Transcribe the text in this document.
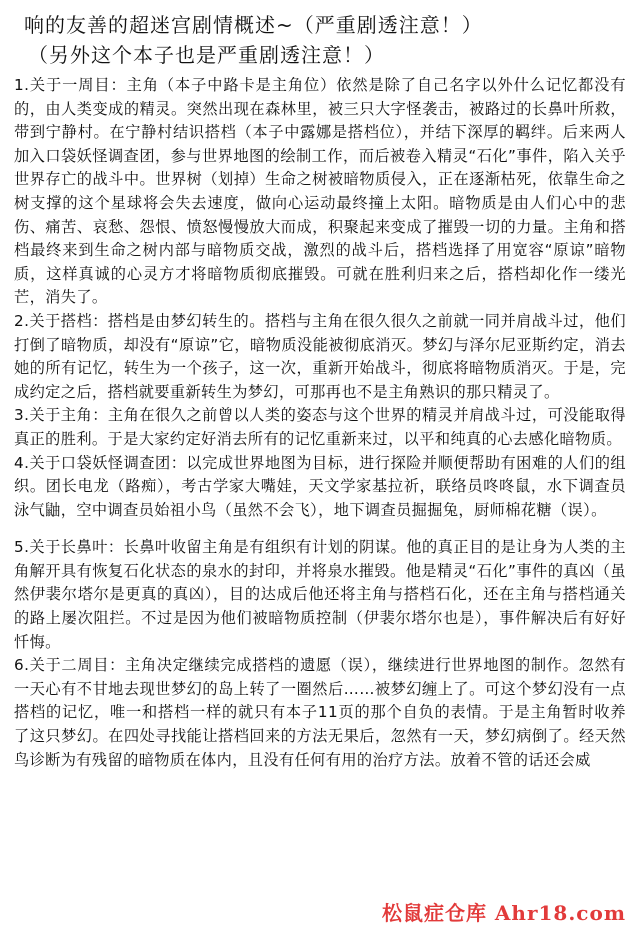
响的友善的超迷宫剧情概述~（严重剧透注意！）
（另外这个本子也是严重剧透注意！）

1.关于一周目：主角（本子中路卡是主角位）依然是除了自己名字以外什么记忆都没有的，由人类变成的精灵。突然出现在森林里，被三只大字怪袭击，被路过的长鼻叶所救，带到宁静村。在宁静村结识搭档（本子中露娜是搭档位），并结下深厚的羁绊。后来两人加入口袋妖怪调查团，参与世界地图的绘制工作，而后被卷入精灵“石化”事件，陷入关乎世界存亡的战斗中。世界树（划掉）生命之树被暗物质侵入，正在逐渐枯死，依靠生命之树支撑的这个星球将会失去速度，做向心运动最终撞上太阳。暗物质是由人们心中的悲伤、痛苦、哀愁、怨恨、愤怒慢慢放大而成，积聚起来变成了摧毁一切的力量。主角和搭档最终来到生命之树内部与暗物质交战，激烈的战斗后，搭档选择了用宽容“原谅”暗物质，这样真诚的心灵方才将暗物质彻底摧毁。可就在胜利归来之后，搭档却化作一缕光芒，消失了。

2.关于搭档：搭档是由梦幻转生的。搭档与主角在很久很久之前就一同并肩战斗过，他们打倒了暗物质，却没有“原谅”它，暗物质没能被彻底消灭。梦幻与泽尔尼亚斯约定，消去她的所有记忆，转生为一个孩子，这一次，重新开始战斗，彻底将暗物质消灭。于是，完成约定之后，搭档就要重新转生为梦幻，可那再也不是主角熟识的那只精灵了。

3.关于主角：主角在很久之前曾以人类的姿态与这个世界的精灵并肩战斗过，可没能取得真正的胜利。于是大家约定好消去所有的记忆重新来过，以平和纯真的心去感化暗物质。

4.关于口袋妖怪调查团：以完成世界地图为目标，进行探险并顺便帮助有困难的人们的组织。团长电龙（路痴），考古学家大嘴娃，天文学家基拉祈，联络员咚咚鼠，水下调查员泳气鼬，空中调查员始祖小鸟（虽然不会飞），地下调查员掘掘兔，厨师棉花糖（误）。

5.关于长鼻叶：长鼻叶收留主角是有组织有计划的阴谋。他的真正目的是让身为人类的主角解开具有恢复石化状态的泉水的封印，并将泉水摧毁。他是精灵“石化”事件的真凶（虽然伊裴尔塔尔是更真的真凶），目的达成后他还将主角与搭档石化，还在主角与搭档通关的路上屡次阻拦。不过是因为他们被暗物质控制（伊裴尔塔尔也是），事件解决后有好好忏悔。

6.关于二周目：主角决定继续完成搭档的遗愿（误），继续进行世界地图的制作。忽然有一天心有不甘地去现世梦幻的岛上转了一圈然后……被梦幻缠上了。可这个梦幻没有一点搭档的记忆，唯一和搭档一样的就只有本子11页的那个自负的表情。于是主角暂时收养了这只梦幻。在四处寻找能让搭档回来的方法无果后，忽然有一天，梦幻病倒了。经天然鸟诊断为有残留的暗物质在体内，且没有任何有用的治疗方法。放着不管的话还会威

松鼠症仓库 Ahr18.com
